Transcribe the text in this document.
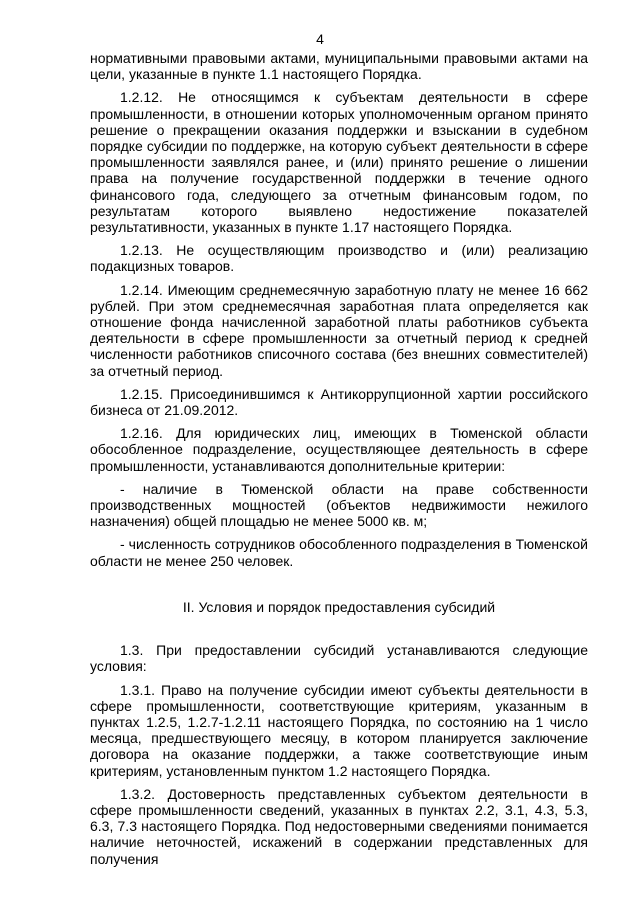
4

нормативными правовыми актами, муниципальными правовыми актами на цели, указанные в пункте 1.1 настоящего Порядка.

1.2.12. Не относящимся к субъектам деятельности в сфере промышленности, в отношении которых уполномоченным органом принято решение о прекращении оказания поддержки и взыскании в судебном порядке субсидии по поддержке, на которую субъект деятельности в сфере промышленности заявлялся ранее, и (или) принято решение о лишении права на получение государственной поддержки в течение одного финансового года, следующего за отчетным финансовым годом, по результатам которого выявлено недостижение показателей результативности, указанных в пункте 1.17 настоящего Порядка.

1.2.13. Не осуществляющим производство и (или) реализацию подакцизных товаров.

1.2.14. Имеющим среднемесячную заработную плату не менее 16 662 рублей. При этом среднемесячная заработная плата определяется как отношение фонда начисленной заработной платы работников субъекта деятельности в сфере промышленности за отчетный период к средней численности работников списочного состава (без внешних совместителей) за отчетный период.

1.2.15. Присоединившимся к Антикоррупционной хартии российского бизнеса от 21.09.2012.

1.2.16. Для юридических лиц, имеющих в Тюменской области обособленное подразделение, осуществляющее деятельность в сфере промышленности, устанавливаются дополнительные критерии:

- наличие в Тюменской области на праве собственности производственных мощностей (объектов недвижимости нежилого назначения) общей площадью не менее 5000 кв. м;

- численность сотрудников обособленного подразделения в Тюменской области не менее 250 человек.

II. Условия и порядок предоставления субсидий

1.3. При предоставлении субсидий устанавливаются следующие условия:

1.3.1. Право на получение субсидии имеют субъекты деятельности в сфере промышленности, соответствующие критериям, указанным в пунктах 1.2.5, 1.2.7-1.2.11 настоящего Порядка, по состоянию на 1 число месяца, предшествующего месяцу, в котором планируется заключение договора на оказание поддержки, а также соответствующие иным критериям, установленным пунктом 1.2 настоящего Порядка.

1.3.2. Достоверность представленных субъектом деятельности в сфере промышленности сведений, указанных в пунктах 2.2, 3.1, 4.3, 5.3, 6.3, 7.3 настоящего Порядка. Под недостоверными сведениями понимается наличие неточностей, искажений в содержании представленных для получения
